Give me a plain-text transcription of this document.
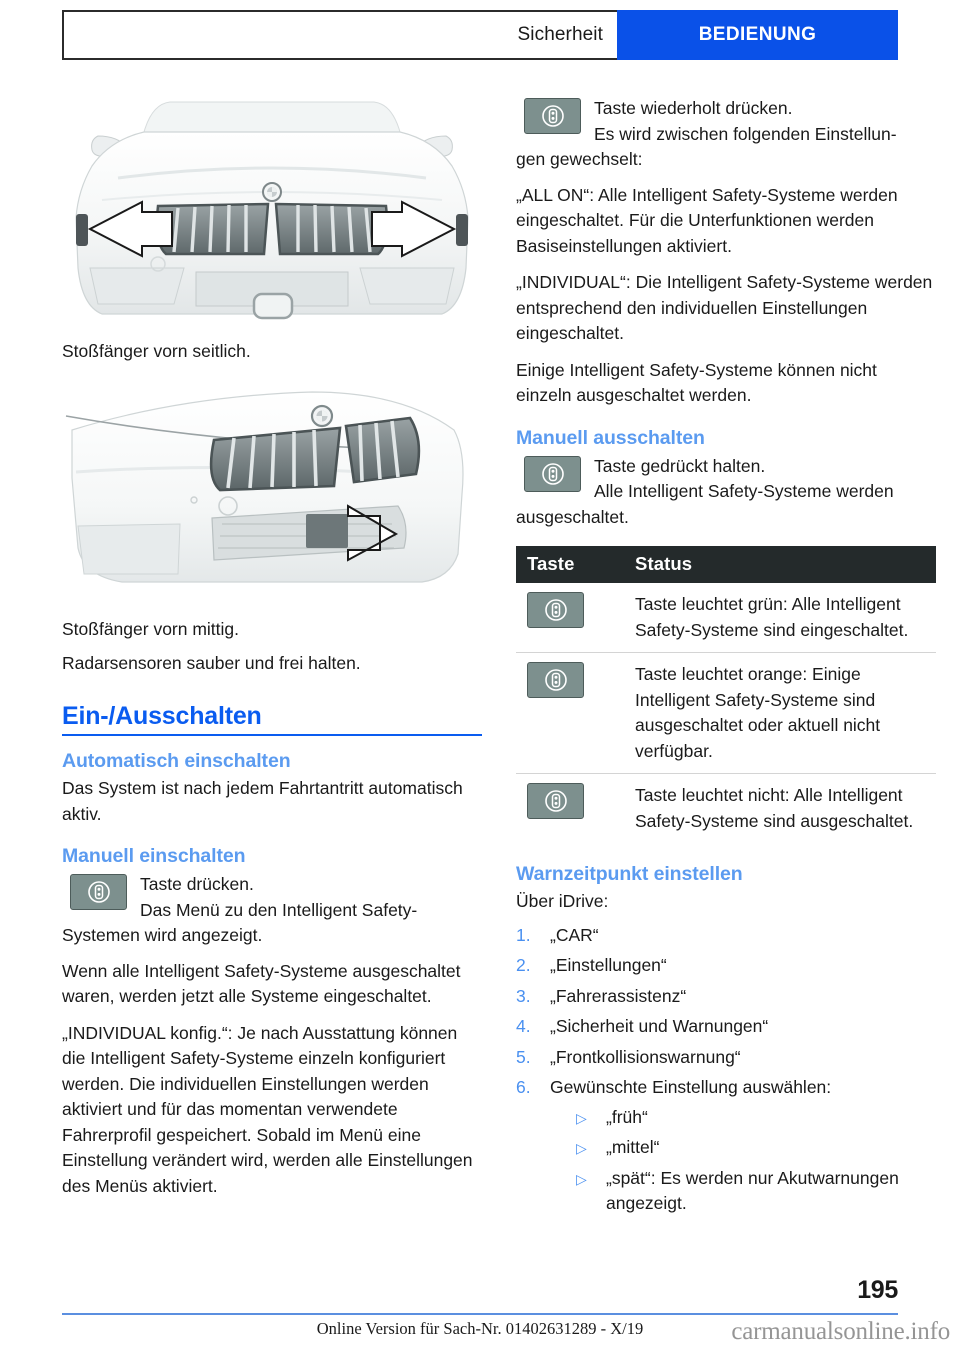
Sicherheit	BEDIENUNG
Stoßfänger vorn seitlich.
Stoßfänger vorn mittig.
Radarsensoren sauber und frei halten.
Ein-/Ausschalten
Automatisch einschalten

Das System ist nach jedem Fahrtantritt automatisch aktiv.

Manuell einschalten

Taste drücken.

Das Menü zu den Intelligent Safety-

Systemen wird angezeigt.

Wenn alle Intelligent Safety-Systeme ausgeschaltet waren, werden jetzt alle Systeme eingeschaltet.

„INDIVIDUAL konfig.“: Je nach Ausstattung können die Intelligent Safety-Systeme einzeln konfiguriert werden. Die individuellen Einstellungen werden aktiviert und für das momentan verwendete Fahrerprofil gespeichert. Sobald im Menü eine Einstellung verändert wird, werden alle Einstellungen des Menüs aktiviert.

Taste wiederholt drücken.

Es wird zwischen folgenden Einstellun-

gen gewechselt:

„ALL ON“: Alle Intelligent Safety-Systeme werden eingeschaltet. Für die Unterfunktionen werden Basiseinstellungen aktiviert.

„INDIVIDUAL“: Die Intelligent Safety-Systeme werden entsprechend den individuellen Einstellungen eingeschaltet.

Einige Intelligent Safety-Systeme können nicht einzeln ausgeschaltet werden.

Manuell ausschalten

Taste gedrückt halten.

Alle Intelligent Safety-Systeme werden

ausgeschaltet.

Taste	Status

	Taste leuchtet grün: Alle Intelligent Safety-Systeme sind eingeschaltet.

	Taste leuchtet orange: Einige Intelligent Safety-Systeme sind ausgeschaltet oder aktuell nicht verfügbar.

	Taste leuchtet nicht: Alle Intelligent Safety-Systeme sind ausgeschaltet.
Warnzeitpunkt einstellen

Über iDrive:

1.	„CAR“
2.	„Einstellungen“
3.	„Fahrerassistenz“
4.	„Sicherheit und Warnungen“
5.	„Frontkollisionswarnung“
6.	Gewünschte Einstellung auswählen:
▷ „früh“
▷ „mittel“
▷ „spät“: Es werden nur Akutwarnungen angezeigt.
195
Online Version für Sach-Nr. 01402631289 - X/19	carmanualsonline.info
